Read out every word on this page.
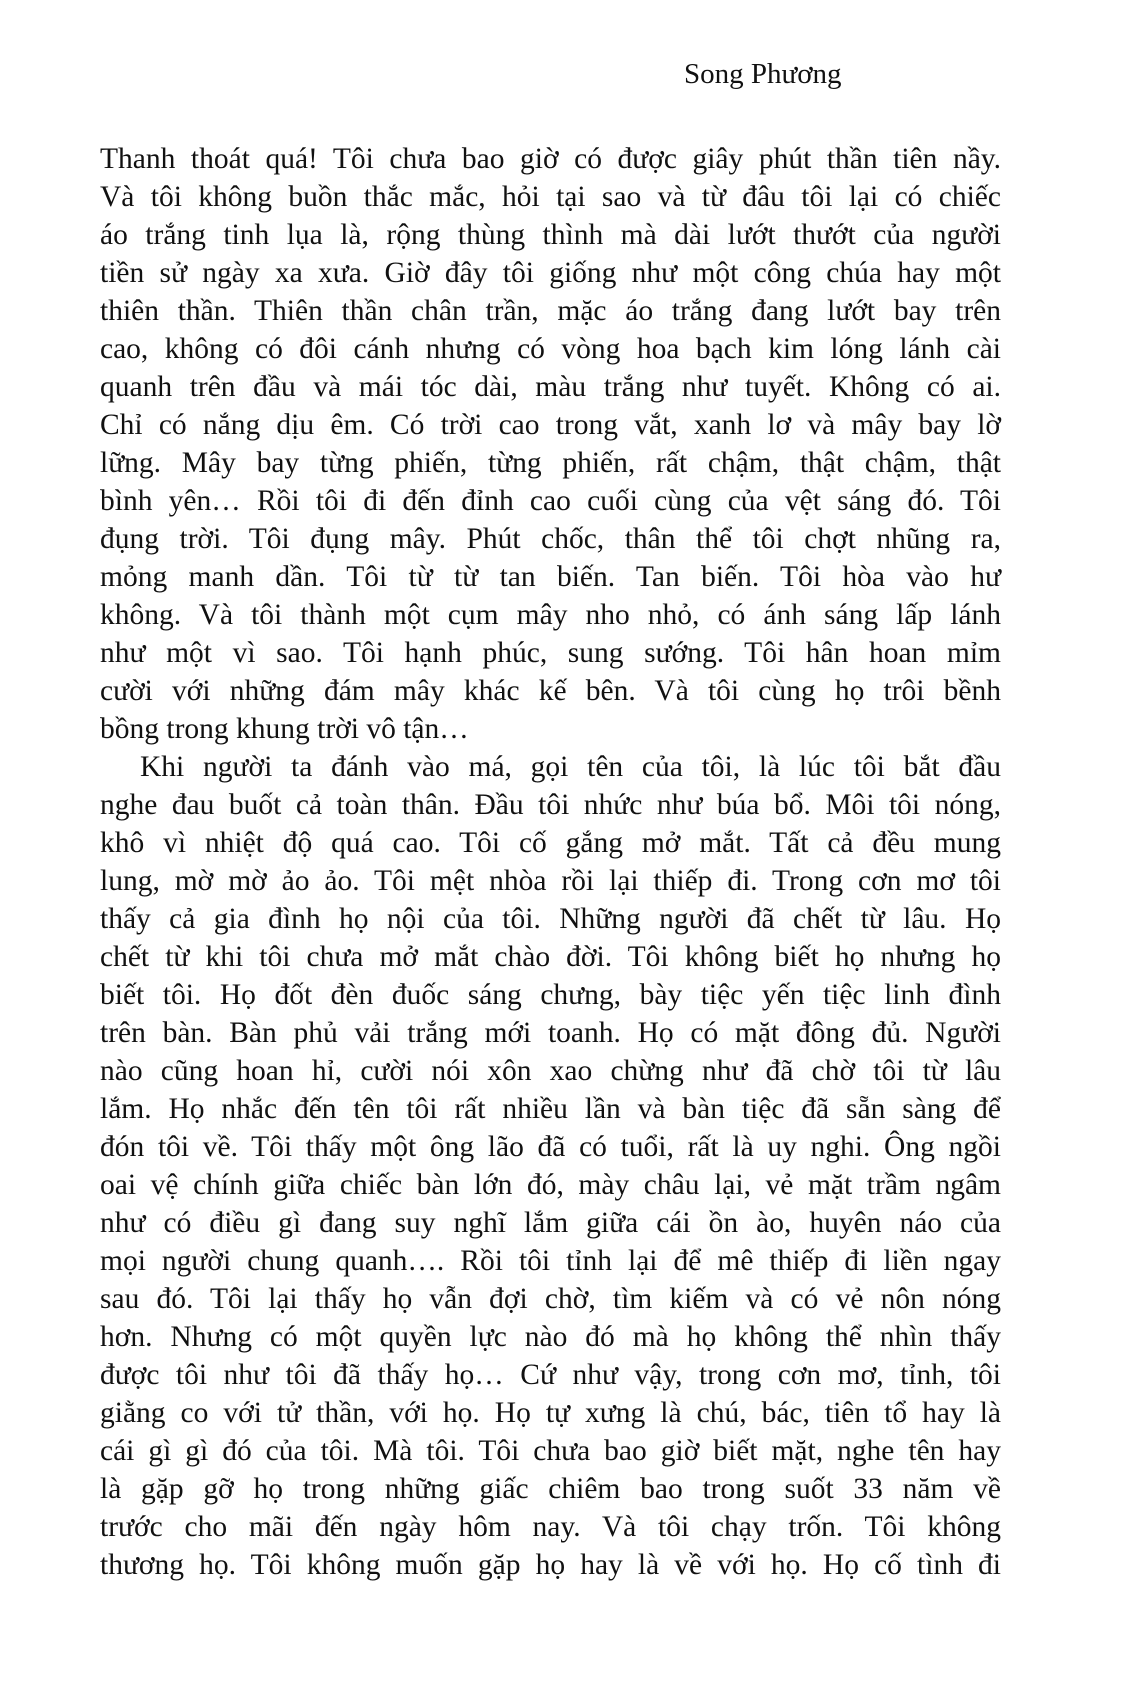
Song Phương
Thanh thoát quá! Tôi chưa bao giờ có được giây phút thần tiên nầy.
Và tôi không buồn thắc mắc, hỏi tại sao và từ đâu tôi lại có chiếc
áo trắng tinh lụa là, rộng thùng thình mà dài lướt thướt của người
tiền sử ngày xa xưa. Giờ đây tôi giống như một công chúa hay một
thiên thần. Thiên thần chân trần, mặc áo trắng đang lướt bay trên
cao, không có đôi cánh nhưng có vòng hoa bạch kim lóng lánh cài
quanh trên đầu và mái tóc dài, màu trắng như tuyết. Không có ai.
Chỉ có nắng dịu êm. Có trời cao trong vắt, xanh lơ và mây bay lờ
lững. Mây bay từng phiến, từng phiến, rất chậm, thật chậm, thật
bình yên… Rồi tôi đi đến đỉnh cao cuối cùng của vệt sáng đó. Tôi
đụng trời. Tôi đụng mây. Phút chốc, thân thể tôi chợt nhũng ra,
mỏng manh dần. Tôi từ từ tan biến. Tan biến. Tôi hòa vào hư
không. Và tôi thành một cụm mây nho nhỏ, có ánh sáng lấp lánh
như một vì sao. Tôi hạnh phúc, sung sướng. Tôi hân hoan mỉm
cười với những đám mây khác kế bên. Và tôi cùng họ trôi bềnh
bồng trong khung trời vô tận…
Khi người ta đánh vào má, gọi tên của tôi, là lúc tôi bắt đầu
nghe đau buốt cả toàn thân. Đầu tôi nhức như búa bổ. Môi tôi nóng,
khô vì nhiệt độ quá cao. Tôi cố gắng mở mắt. Tất cả đều mung
lung, mờ mờ ảo ảo. Tôi mệt nhòa rồi lại thiếp đi. Trong cơn mơ tôi
thấy cả gia đình họ nội của tôi. Những người đã chết từ lâu. Họ
chết từ khi tôi chưa mở mắt chào đời. Tôi không biết họ nhưng họ
biết tôi. Họ đốt đèn đuốc sáng chưng, bày tiệc yến tiệc linh đình
trên bàn. Bàn phủ vải trắng mới toanh. Họ có mặt đông đủ. Người
nào cũng hoan hỉ, cười nói xôn xao chừng như đã chờ tôi từ lâu
lắm. Họ nhắc đến tên tôi rất nhiều lần và bàn tiệc đã sẵn sàng để
đón tôi về. Tôi thấy một ông lão đã có tuổi, rất là uy nghi. Ông ngồi
oai vệ chính giữa chiếc bàn lớn đó, mày châu lại, vẻ mặt trầm ngâm
như có điều gì đang suy nghĩ lắm giữa cái ồn ào, huyên náo của
mọi người chung quanh…. Rồi tôi tỉnh lại để mê thiếp đi liền ngay
sau đó. Tôi lại thấy họ vẫn đợi chờ, tìm kiếm và có vẻ nôn nóng
hơn. Nhưng có một quyền lực nào đó mà họ không thể nhìn thấy
được tôi như tôi đã thấy họ… Cứ như vậy, trong cơn mơ, tỉnh, tôi
giằng co với tử thần, với họ. Họ tự xưng là chú, bác, tiên tổ hay là
cái gì gì đó của tôi. Mà tôi. Tôi chưa bao giờ biết mặt, nghe tên hay
là gặp gỡ họ trong những giấc chiêm bao trong suốt 33 năm về
trước cho mãi đến ngày hôm nay. Và tôi chạy trốn. Tôi không
thương họ. Tôi không muốn gặp họ hay là về với họ. Họ cố tình đi
